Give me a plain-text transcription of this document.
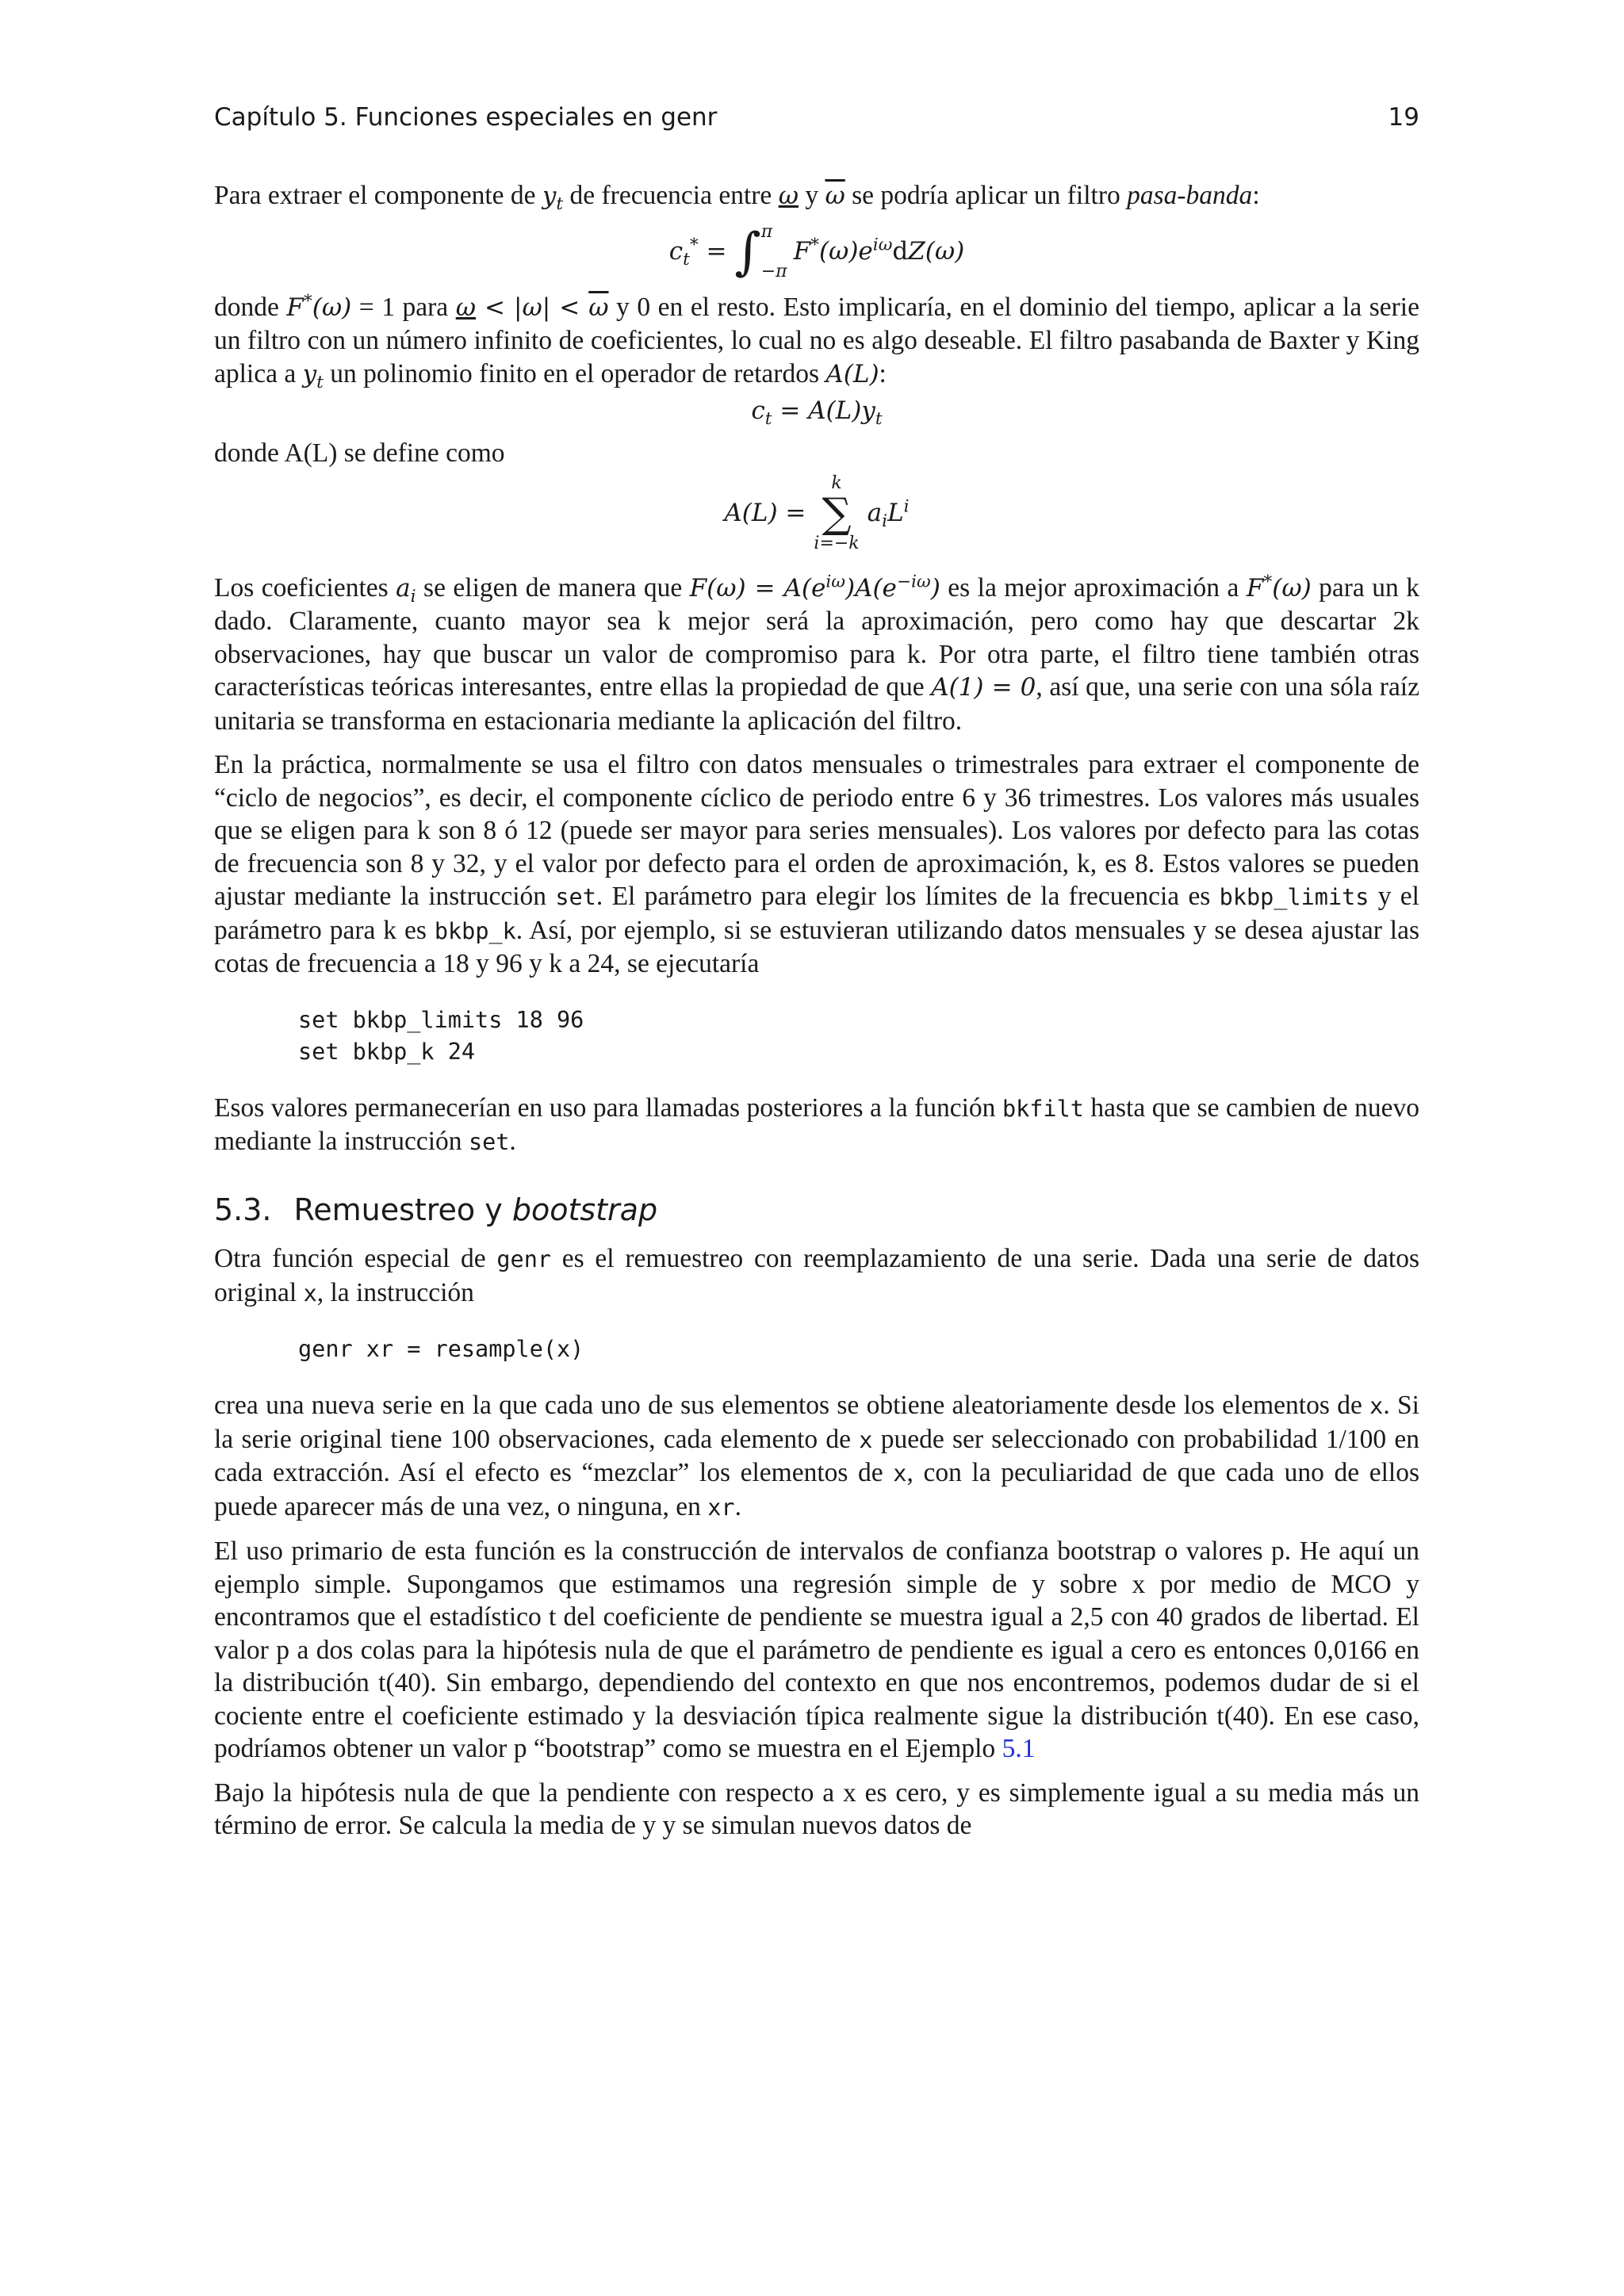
Capítulo 5. Funciones especiales en genr	19

Para extraer el componente de $y_t$ de frecuencia entre ω y $\overline{\omega}$ se podría aplicar un filtro pasa-banda:

$c_t^*$ = ∫ π
−π
$F^*(\omega)e^{i\omega}$ d Z(ω)

donde F*(ω) = 1 para $\omega < |\omega| < \overline{\omega}$ y 0 en el resto. Esto implicaría, en el dominio del tiempo, aplicar a la serie un filtro con un número infinito de coeficientes, lo cual no es algo deseable. El filtro pasabanda de Baxter y King aplica a $y_t$ un polinomio finito en el operador de retardos A(L):

$c_t = A(L)y_t$

donde A(L) se define como

A(L) =
k
∑
i=−k
$a_iL^i$

Los coeficientes $a_i$ se eligen de manera que $F(\omega) = A(e^{i\omega})A(e^{-i\omega})$ es la mejor aproximación a F*(ω) para un k dado. Claramente, cuanto mayor sea k mejor será la aproximación, pero como hay que descartar 2k observaciones, hay que buscar un valor de compromiso para k. Por otra parte, el filtro tiene también otras características teóricas interesantes, entre ellas la propiedad de que A(1) = 0, así que, una serie con una sóla raíz unitaria se transforma en estacionaria mediante la aplicación del filtro.

En la práctica, normalmente se usa el filtro con datos mensuales o trimestrales para extraer el componente de “ciclo de negocios”, es decir, el componente cíclico de periodo entre 6 y 36 trimestres. Los valores más usuales que se eligen para k son 8 ó 12 (puede ser mayor para series mensuales). Los valores por defecto para las cotas de frecuencia son 8 y 32, y el valor por defecto para el orden de aproximación, k, es 8. Estos valores se pueden ajustar mediante la instrucción set. El parámetro para elegir los límites de la frecuencia es bkbp_limits y el parámetro para k es bkbp_k. Así, por ejemplo, si se estuvieran utilizando datos mensuales y se desea ajustar las cotas de frecuencia a 18 y 96 y k a 24, se ejecutaría

set bkbp_limits 18 96
set bkbp_k 24

Esos valores permanecerían en uso para llamadas posteriores a la función bkfilt hasta que se cambien de nuevo mediante la instrucción set.

5.3. Remuestreo y bootstrap

Otra función especial de genr es el remuestreo con reemplazamiento de una serie. Dada una serie de datos original x, la instrucción

genr xr = resample(x)

crea una nueva serie en la que cada uno de sus elementos se obtiene aleatoriamente desde los elementos de x. Si la serie original tiene 100 observaciones, cada elemento de x puede ser seleccionado con probabilidad 1/100 en cada extracción. Así el efecto es “mezclar” los elementos de x, con la peculiaridad de que cada uno de ellos puede aparecer más de una vez, o ninguna, en xr.

El uso primario de esta función es la construcción de intervalos de confianza bootstrap o valores p. He aquí un ejemplo simple. Supongamos que estimamos una regresión simple de y sobre x por medio de MCO y encontramos que el estadístico t del coeficiente de pendiente se muestra igual a 2,5 con 40 grados de libertad. El valor p a dos colas para la hipótesis nula de que el parámetro de pendiente es igual a cero es entonces 0,0166 en la distribución t(40). Sin embargo, dependiendo del contexto en que nos encontremos, podemos dudar de si el cociente entre el coeficiente estimado y la desviación típica realmente sigue la distribución t(40). En ese caso, podríamos obtener un valor p “bootstrap” como se muestra en el Ejemplo 5.1

Bajo la hipótesis nula de que la pendiente con respecto a x es cero, y es simplemente igual a su media más un término de error. Se calcula la media de y y se simulan nuevos datos de
